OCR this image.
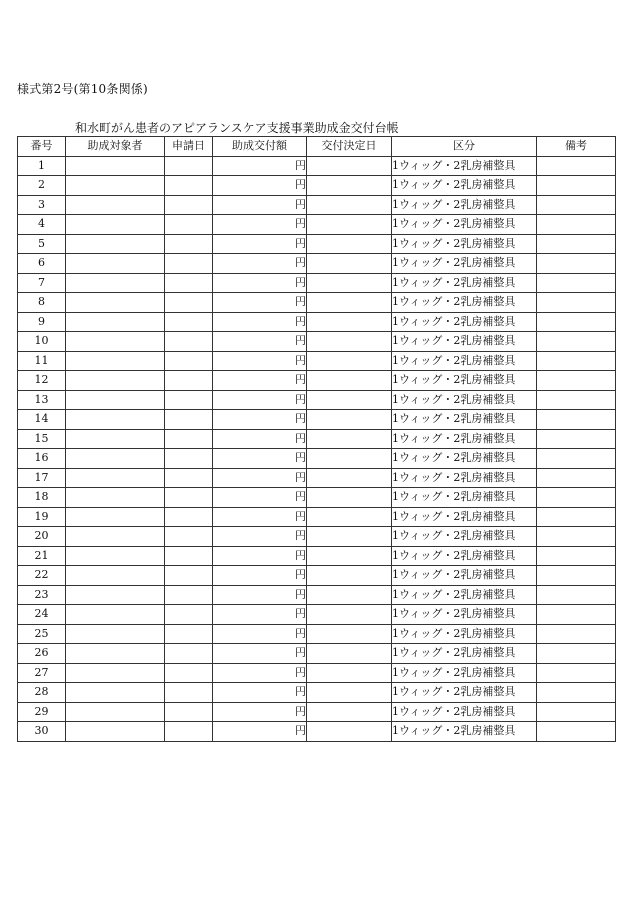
様式第2号(第10条関係)
和水町がん患者のアピアランスケア支援事業助成金交付台帳
番号	助成対象者	申請日	助成交付額	交付決定日	区分	備考
1			円		1ウィッグ・2乳房補整具	
2			円		1ウィッグ・2乳房補整具	
3			円		1ウィッグ・2乳房補整具	
4			円		1ウィッグ・2乳房補整具	
5			円		1ウィッグ・2乳房補整具	
6			円		1ウィッグ・2乳房補整具	
7			円		1ウィッグ・2乳房補整具	
8			円		1ウィッグ・2乳房補整具	
9			円		1ウィッグ・2乳房補整具	
10			円		1ウィッグ・2乳房補整具	
11			円		1ウィッグ・2乳房補整具	
12			円		1ウィッグ・2乳房補整具	
13			円		1ウィッグ・2乳房補整具	
14			円		1ウィッグ・2乳房補整具	
15			円		1ウィッグ・2乳房補整具	
16			円		1ウィッグ・2乳房補整具	
17			円		1ウィッグ・2乳房補整具	
18			円		1ウィッグ・2乳房補整具	
19			円		1ウィッグ・2乳房補整具	
20			円		1ウィッグ・2乳房補整具	
21			円		1ウィッグ・2乳房補整具	
22			円		1ウィッグ・2乳房補整具	
23			円		1ウィッグ・2乳房補整具	
24			円		1ウィッグ・2乳房補整具	
25			円		1ウィッグ・2乳房補整具	
26			円		1ウィッグ・2乳房補整具	
27			円		1ウィッグ・2乳房補整具	
28			円		1ウィッグ・2乳房補整具	
29			円		1ウィッグ・2乳房補整具	
30			円		1ウィッグ・2乳房補整具	
